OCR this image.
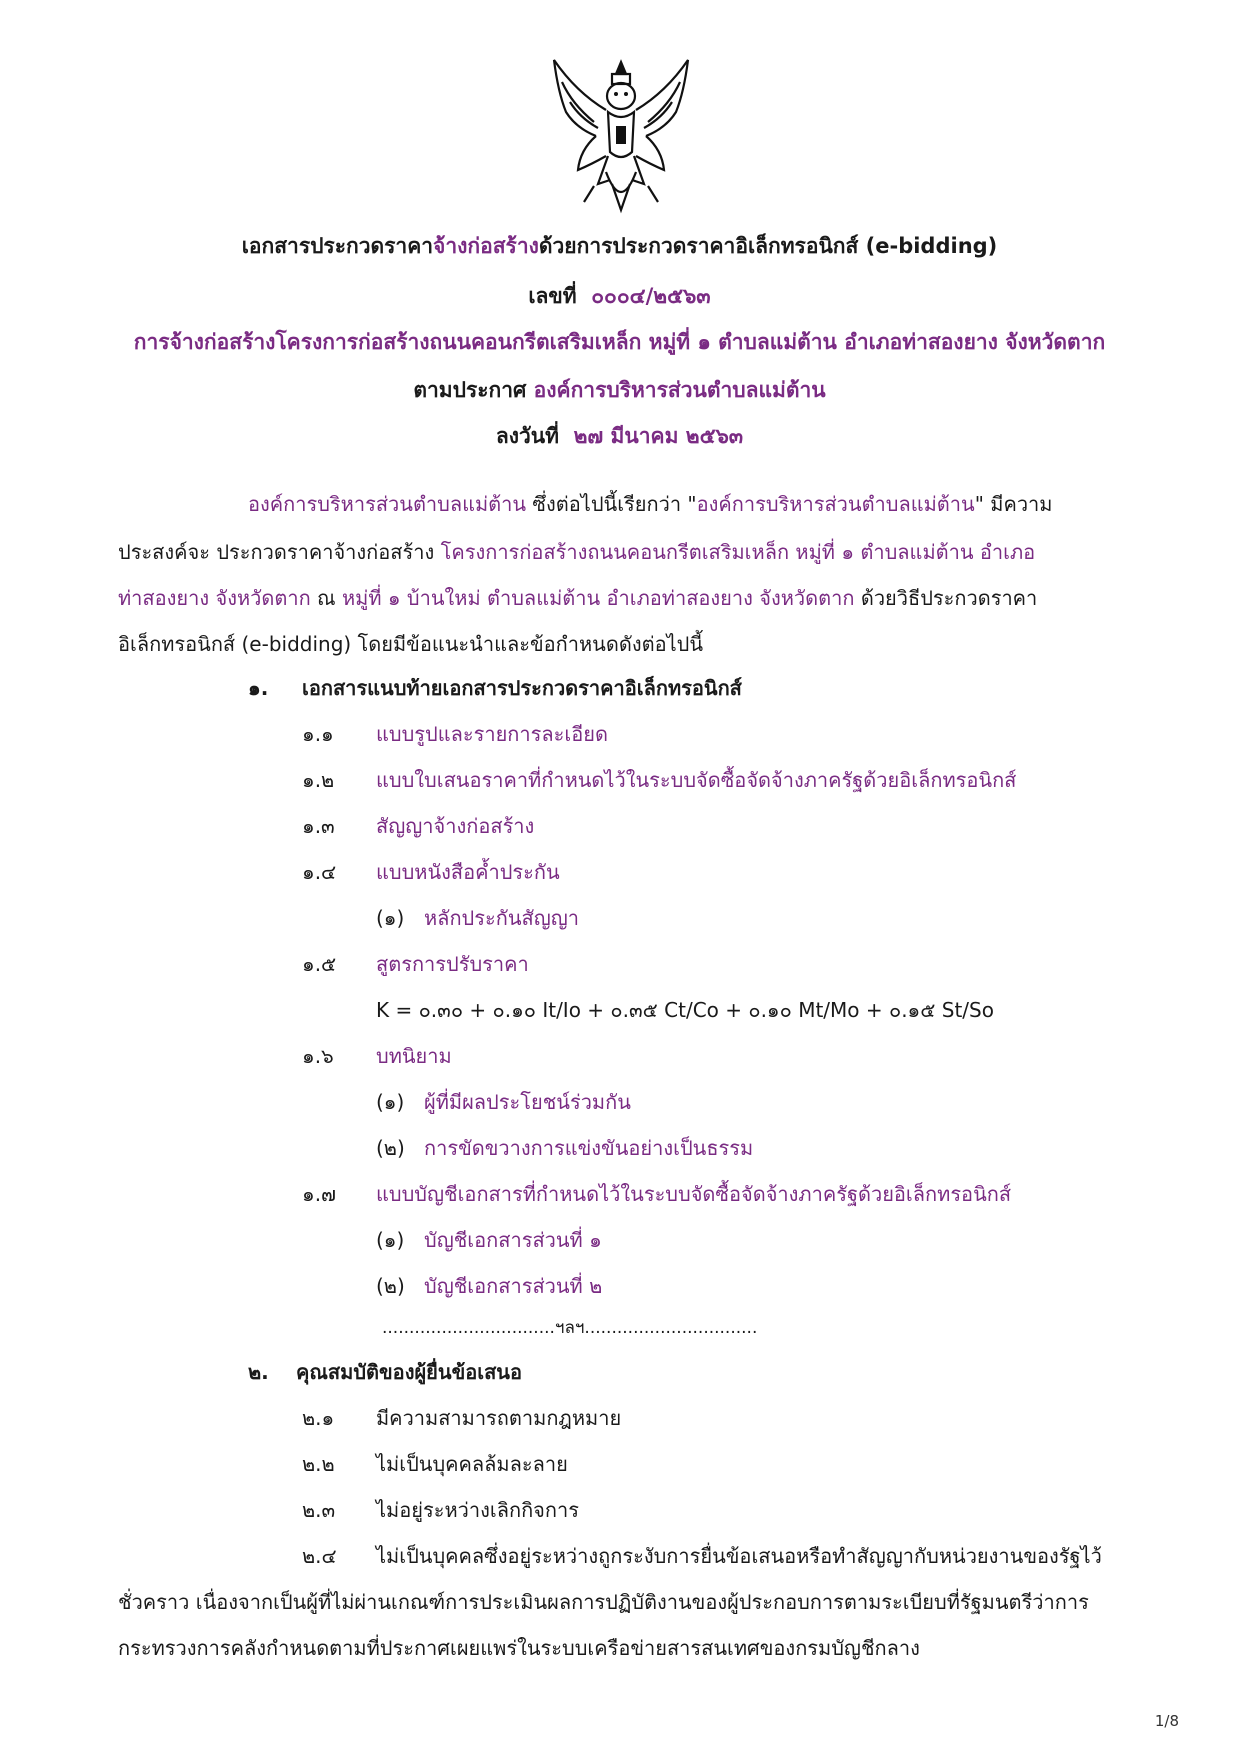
เอกสารประกวดราคาจ้างก่อสร้างด้วยการประกวดราคาอิเล็กทรอนิกส์ (e-bidding)
เลขที่ ๐๐๐๔/๒๕๖๓
การจ้างก่อสร้างโครงการก่อสร้างถนนคอนกรีตเสริมเหล็ก หมู่ที่ ๑ ตำบลแม่ต้าน อำเภอท่าสองยาง จังหวัดตาก
ตามประกาศ องค์การบริหารส่วนตำบลแม่ต้าน
ลงวันที่ ๒๗ มีนาคม ๒๕๖๓
องค์การบริหารส่วนตำบลแม่ต้าน ซึ่งต่อไปนี้เรียกว่า "องค์การบริหารส่วนตำบลแม่ต้าน" มีความ
ประสงค์จะ ประกวดราคาจ้างก่อสร้าง โครงการก่อสร้างถนนคอนกรีตเสริมเหล็ก หมู่ที่ ๑ ตำบลแม่ต้าน อำเภอ
ท่าสองยาง จังหวัดตาก ณ หมู่ที่ ๑ บ้านใหม่ ตำบลแม่ต้าน อำเภอท่าสองยาง จังหวัดตาก ด้วยวิธีประกวดราคา
อิเล็กทรอนิกส์ (e-bidding) โดยมีข้อแนะนำและข้อกำหนดดังต่อไปนี้
๑. เอกสารแนบท้ายเอกสารประกวดราคาอิเล็กทรอนิกส์
๑.๑ แบบรูปและรายการละเอียด
๑.๒ แบบใบเสนอราคาที่กำหนดไว้ในระบบจัดซื้อจัดจ้างภาครัฐด้วยอิเล็กทรอนิกส์
๑.๓ สัญญาจ้างก่อสร้าง
๑.๔ แบบหนังสือค้ำประกัน
(๑) หลักประกันสัญญา
๑.๕ สูตรการปรับราคา
K = ๐.๓๐ + ๐.๑๐ It/Io + ๐.๓๕ Ct/Co + ๐.๑๐ Mt/Mo + ๐.๑๕ St/So
๑.๖ บทนิยาม
(๑) ผู้ที่มีผลประโยชน์ร่วมกัน
(๒) การขัดขวางการแข่งขันอย่างเป็นธรรม
๑.๗ แบบบัญชีเอกสารที่กำหนดไว้ในระบบจัดซื้อจัดจ้างภาครัฐด้วยอิเล็กทรอนิกส์
(๑) บัญชีเอกสารส่วนที่ ๑
(๒) บัญชีเอกสารส่วนที่ ๒
................................ฯลฯ................................
๒. คุณสมบัติของผู้ยื่นข้อเสนอ
๒.๑ มีความสามารถตามกฎหมาย
๒.๒ ไม่เป็นบุคคลล้มละลาย
๒.๓ ไม่อยู่ระหว่างเลิกกิจการ
๒.๔ ไม่เป็นบุคคลซึ่งอยู่ระหว่างถูกระงับการยื่นข้อเสนอหรือทำสัญญากับหน่วยงานของรัฐไว้
ชั่วคราว เนื่องจากเป็นผู้ที่ไม่ผ่านเกณฑ์การประเมินผลการปฏิบัติงานของผู้ประกอบการตามระเบียบที่รัฐมนตรีว่าการ
กระทรวงการคลังกำหนดตามที่ประกาศเผยแพร่ในระบบเครือข่ายสารสนเทศของกรมบัญชีกลาง
1/8
